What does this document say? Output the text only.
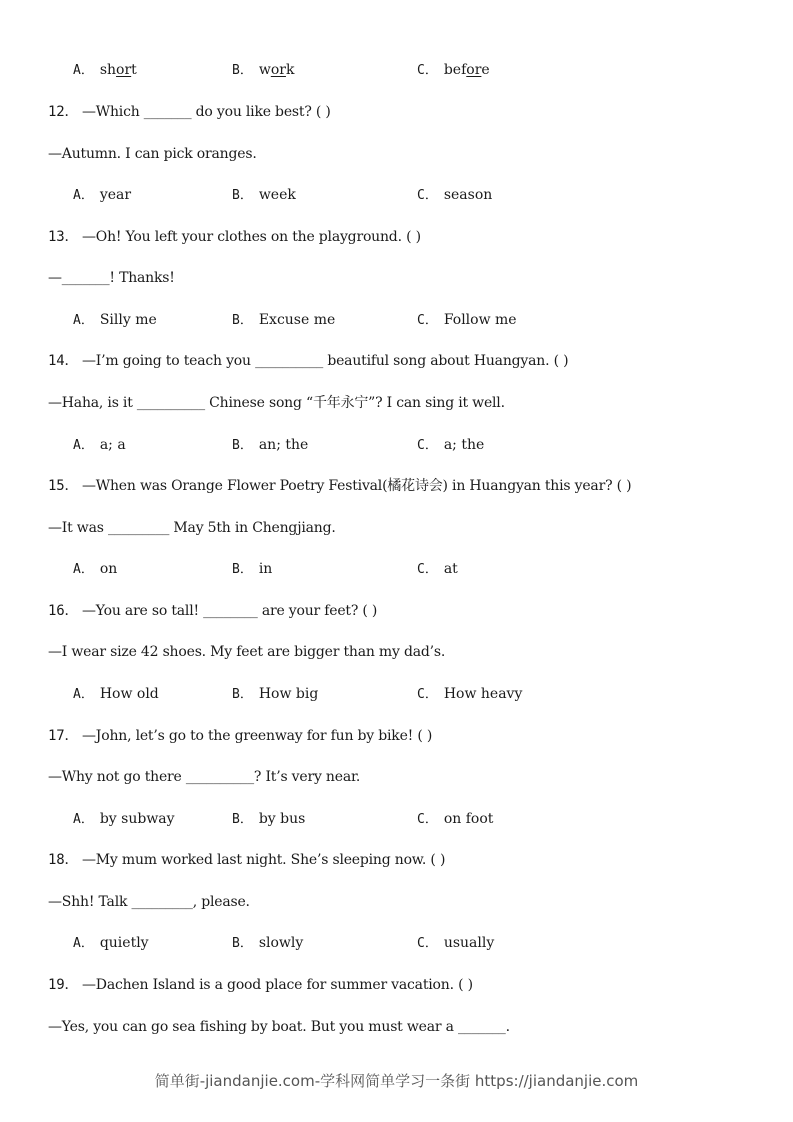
A． short	B． work	C． before
12． —Which _______ do you like best? ( )
—Autumn. I can pick oranges.
A． year	B． week	C． season
13． —Oh! You left your clothes on the playground. ( )
—_______! Thanks!
A． Silly me	B． Excuse me	C． Follow me
14． —I’m going to teach you __________ beautiful song about Huangyan. ( )
—Haha, is it __________ Chinese song “千年永宁”? I can sing it well.
A． a; a	B． an; the	C． a; the
15． —When was Orange Flower Poetry Festival(橘花诗会) in Huangyan this year? ( )
—It was _________ May 5th in Chengjiang.
A． on	B． in	C． at
16． —You are so tall! ________ are your feet? ( )
—I wear size 42 shoes. My feet are bigger than my dad’s.
A． How old	B． How big	C． How heavy
17． —John, let’s go to the greenway for fun by bike! ( )
—Why not go there __________? It’s very near.
A． by subway	B． by bus	C． on foot
18． —My mum worked last night. She’s sleeping now. ( )
—Shh! Talk _________, please.
A． quietly	B． slowly	C． usually
19． —Dachen Island is a good place for summer vacation. ( )
—Yes, you can go sea fishing by boat. But you must wear a _______.
简单街-jiandanjie.com-学科网简单学习一条街 https://jiandanjie.com
